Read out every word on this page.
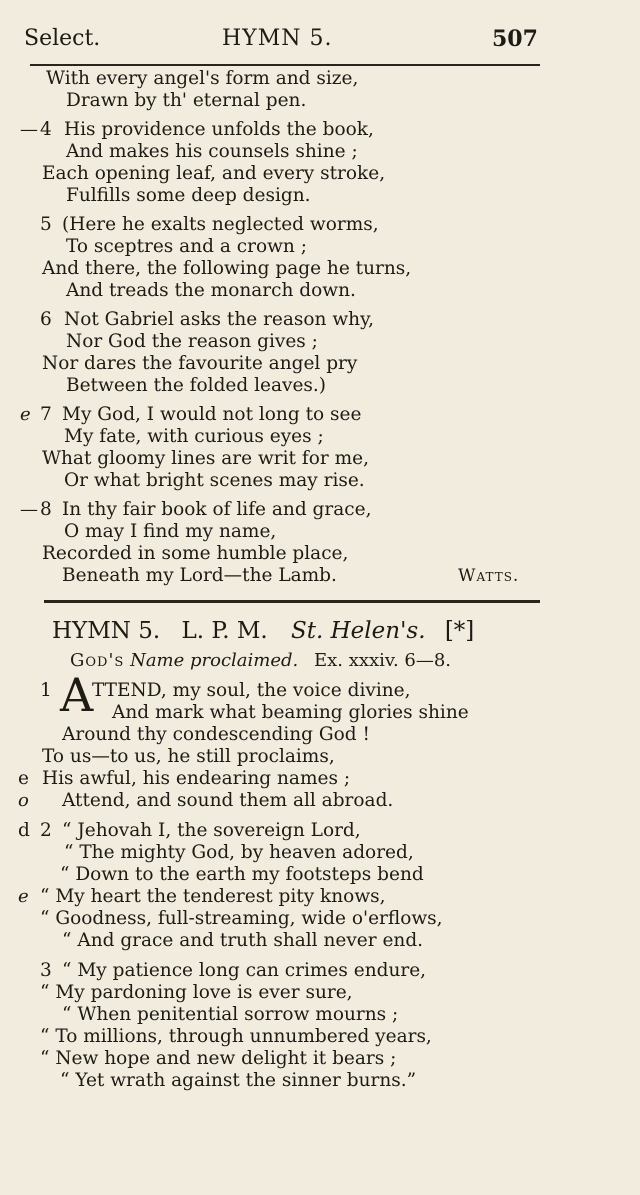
Select.	HYMN 5.	507
With every angel's form and size,
Drawn by th' eternal pen.
— 4 His providence unfolds the book,
And makes his counsels shine ;
Each opening leaf, and every stroke,
Fulfills some deep design.
5 (Here he exalts neglected worms,
To sceptres and a crown ;
And there, the following page he turns,
And treads the monarch down.
6 Not Gabriel asks the reason why,
Nor God the reason gives ;
Nor dares the favourite angel pry
Between the folded leaves.)
e 7 My God, I would not long to see
My fate, with curious eyes ;
What gloomy lines are writ for me,
Or what bright scenes may rise.
— 8 In thy fair book of life and grace,
O may I find my name,
Recorded in some humble place,
Beneath my Lord—the Lamb.	Watts.
HYMN 5. L. P. M. St. Helen's. [*]
God's Name proclaimed. Ex. xxxiv. 6—8.
1 A
TTEND, my soul, the voice divine,
And mark what beaming glories shine
Around thy condescending God !
To us—to us, he still proclaims,
e His awful, his endearing names ;
o Attend, and sound them all abroad.
d 2 “ Jehovah I, the sovereign Lord,
“ The mighty God, by heaven adored,
“ Down to the earth my footsteps bend
e “ My heart the tenderest pity knows,
“ Goodness, full-streaming, wide o'erflows,
“ And grace and truth shall never end.
3 “ My patience long can crimes endure,
“ My pardoning love is ever sure,
“ When penitential sorrow mourns ;
“ To millions, through unnumbered years,
“ New hope and new delight it bears ;
“ Yet wrath against the sinner burns.”
